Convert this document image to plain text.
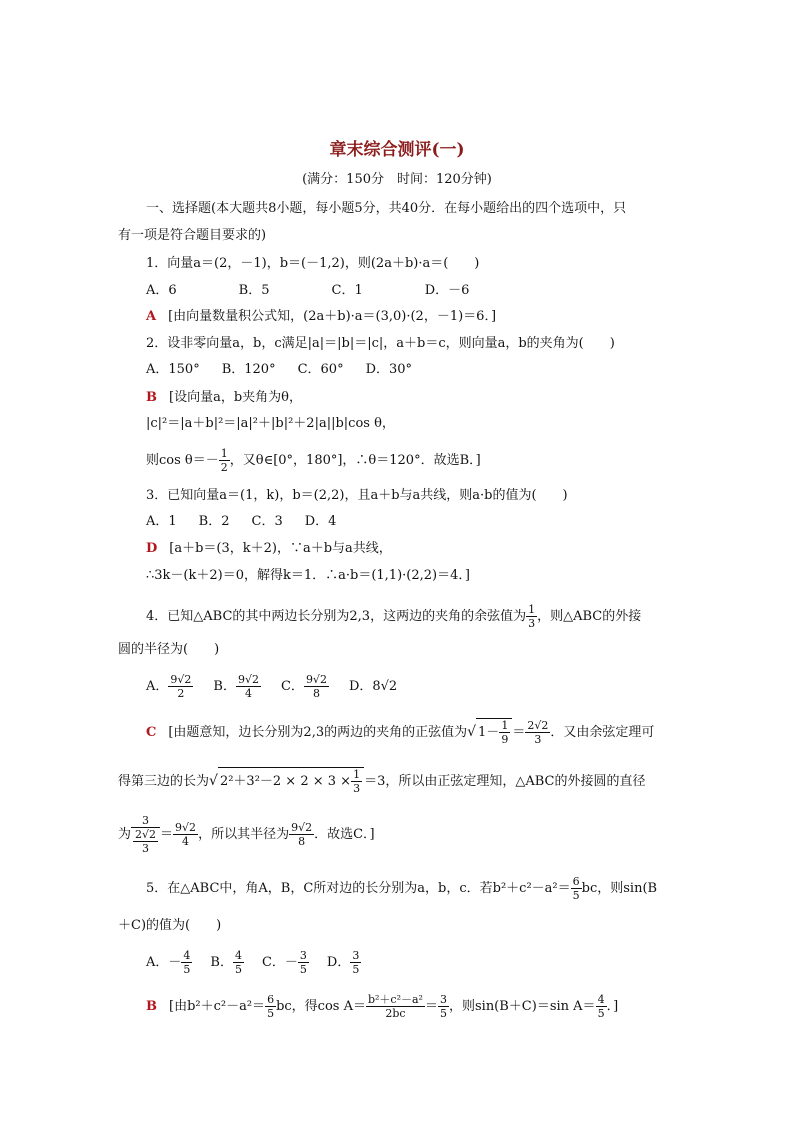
章末综合测评(一)
(满分：150分　时间：120分钟)
一、选择题(本大题共8小题，每小题5分，共40分．在每小题给出的四个选项中，只
有一项是符合题目要求的)
1．向量a＝(2，－1)，b＝(－1,2)，则(2a＋b)·a＝(　　)
A．6	B．5	C．1	D．－6
A [由向量数量积公式知，(2a＋b)·a＝(3,0)·(2，－1)＝6．]
2．设非零向量a，b，c满足|a|＝|b|＝|c|，a＋b＝c，则向量a，b的夹角为(　　)
A．150° B．120° C．60° D．30°
B [设向量a，b夹角为θ，
|c|²＝|a＋b|²＝|a|²＋|b|²＋2|a||b|cos θ，
则$\cos \theta=- \frac{1}{2}$ ，又θ∈[0°，180°]，∴θ＝120°．故选B．]
3．已知向量a＝(1，k)，b＝(2,2)，且a＋b与a共线，则a·b的值为(　　)
A．1 B．2 C．3 D．4
D [a＋b＝(3，k＋2)，∵a＋b与a共线，
∴3k－(k＋2)＝0，解得k＝1．∴a·b＝(1,1)·(2,2)＝4．]
4．已知△ABC的其中两边长分别为2,3，这两边的夹角的余弦值为 $\frac{1}{3}$ ，则△ABC的外接
圆的半径为(　　)
A． $\frac{9√2}{2}$ B． $\frac{9√2}{4}$ C． $\frac{9√2}{8}$ D．8√2
C [由题意知，边长分别为2,3的两边的夹角的正弦值为√ $1- \frac{1}{9} = \frac{2√2}{3}$ ．又由余弦定理可
得第三边的长为√ $2^2+3^2-2 \times 2 \times 3 \times \frac{1}{3} =3$，所以由正弦定理知，△ABC的外接圆的直径
为 $\frac{3}{\frac{2√2}{3}} = \frac{9√2}{4}$ ，所以其半径为 $\frac{9√2}{8}$ ．故选C．]
5．在△ABC中，角A，B，C所对边的长分别为a，b，c．若$b^2+c^2-a^2= \frac{6}{5}$ bc，则sin(B
＋C)的值为(　　)
A．－ $\frac{4}{5}$ B． $\frac{4}{5}$ C．－ $\frac{3}{5}$ D． $\frac{3}{5}$
B [由$b^2+c^2-a^2= \frac{6}{5}$ bc，得$\cos A= \frac{\text{b²＋c²－a²}}{2bc} = \frac{3}{5}$ ，则sin(B＋C)＝sin $A= \frac{4}{5}$ ．]
